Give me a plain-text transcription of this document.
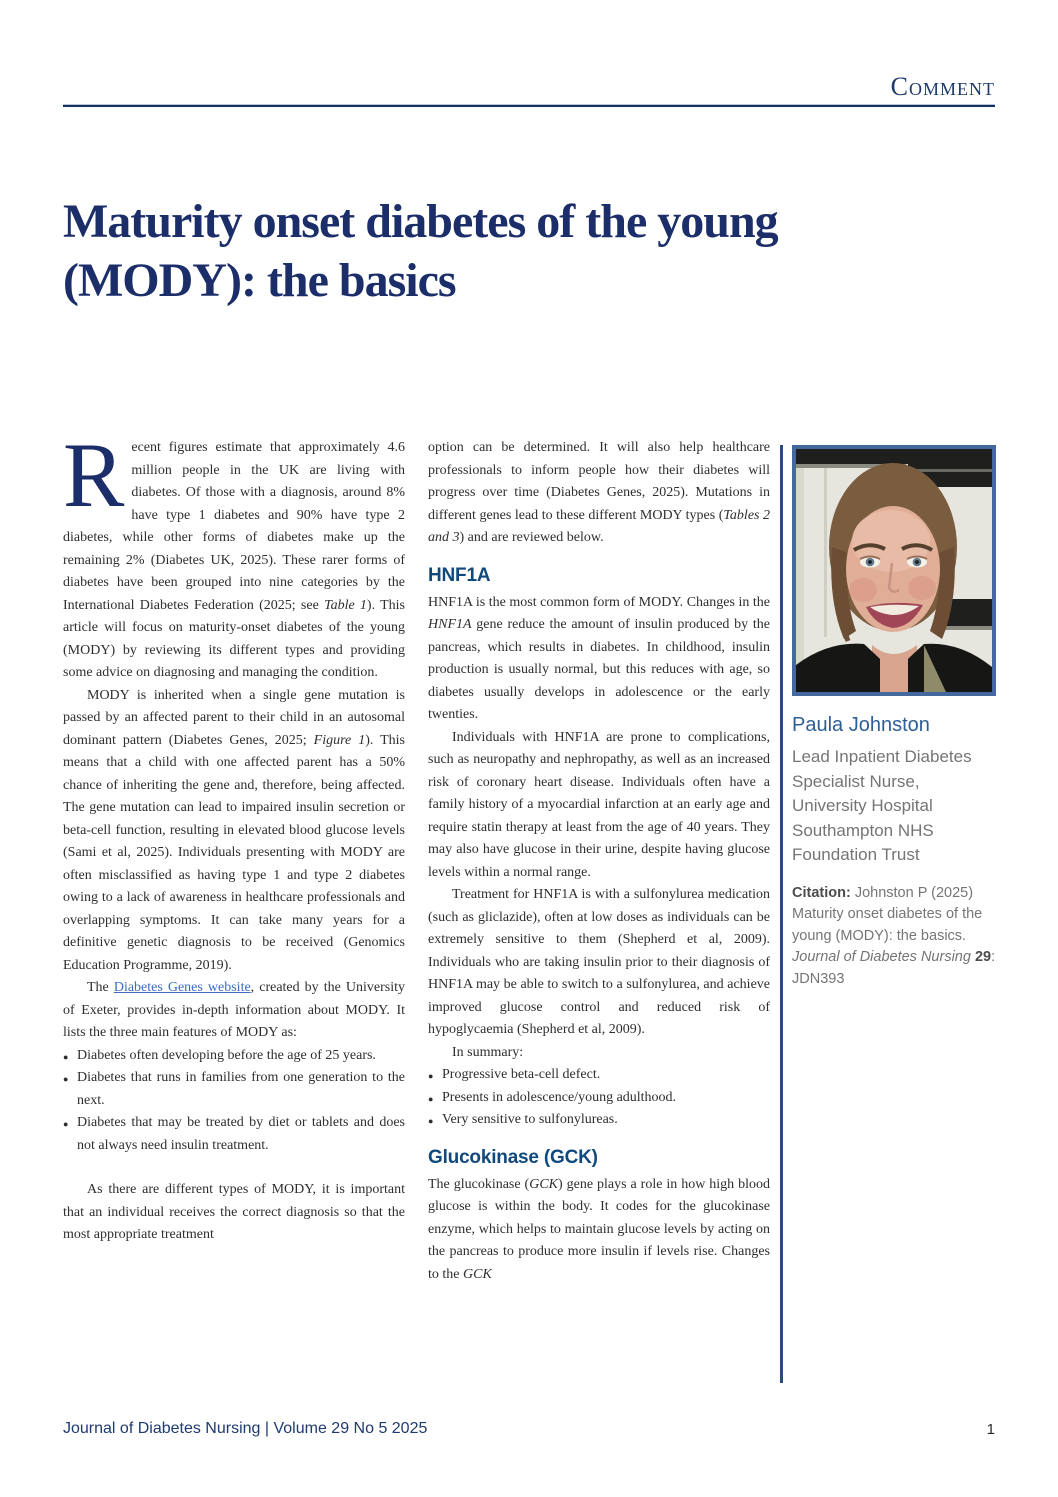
Comment
Maturity onset diabetes of the young (MODY): the basics

Recent figures estimate that approximately 4.6 million people in the UK are living with diabetes. Of those with a diagnosis, around 8% have type 1 diabetes and 90% have type 2 diabetes, while other forms of diabetes make up the remaining 2% (Diabetes UK, 2025). These rarer forms of diabetes have been grouped into nine categories by the International Diabetes Federation (2025; see Table 1). This article will focus on maturity-onset diabetes of the young (MODY) by reviewing its different types and providing some advice on diagnosing and managing the condition.

MODY is inherited when a single gene mutation is passed by an affected parent to their child in an autosomal dominant pattern (Diabetes Genes, 2025; Figure 1). This means that a child with one affected parent has a 50% chance of inheriting the gene and, therefore, being affected. The gene mutation can lead to impaired insulin secretion or beta-cell function, resulting in elevated blood glucose levels (Sami et al, 2025). Individuals presenting with MODY are often misclassified as having type 1 and type 2 diabetes owing to a lack of awareness in healthcare professionals and overlapping symptoms. It can take many years for a definitive genetic diagnosis to be received (Genomics Education Programme, 2019).

The Diabetes Genes website, created by the University of Exeter, provides in-depth information about MODY. It lists the three main features of MODY as:

● Diabetes often developing before the age of 25 years.
● Diabetes that runs in families from one generation to the next.
● Diabetes that may be treated by diet or tablets and does not always need insulin treatment.

As there are different types of MODY, it is important that an individual receives the correct diagnosis so that the most appropriate treatment

option can be determined. It will also help healthcare professionals to inform people how their diabetes will progress over time (Diabetes Genes, 2025). Mutations in different genes lead to these different MODY types (Tables 2 and 3) and are reviewed below.

HNF1A

HNF1A is the most common form of MODY. Changes in the HNF1A gene reduce the amount of insulin produced by the pancreas, which results in diabetes. In childhood, insulin production is usually normal, but this reduces with age, so diabetes usually develops in adolescence or the early twenties.

Individuals with HNF1A are prone to complications, such as neuropathy and nephropathy, as well as an increased risk of coronary heart disease. Individuals often have a family history of a myocardial infarction at an early age and require statin therapy at least from the age of 40 years. They may also have glucose in their urine, despite having glucose levels within a normal range.

Treatment for HNF1A is with a sulfonylurea medication (such as gliclazide), often at low doses as individuals can be extremely sensitive to them (Shepherd et al, 2009). Individuals who are taking insulin prior to their diagnosis of HNF1A may be able to switch to a sulfonylurea, and achieve improved glucose control and reduced risk of hypoglycaemia (Shepherd et al, 2009).

In summary:

● Progressive beta-cell defect.
● Presents in adolescence/young adulthood.
● Very sensitive to sulfonylureas.
Glucokinase (GCK)

The glucokinase (GCK) gene plays a role in how high blood glucose is within the body. It codes for the glucokinase enzyme, which helps to maintain glucose levels by acting on the pancreas to produce more insulin if levels rise. Changes to the GCK

Paula Johnston
Lead Inpatient Diabetes Specialist Nurse, University Hospital Southampton NHS Foundation Trust
Citation: Johnston P (2025) Maturity onset diabetes of the young (MODY): the basics. Journal of Diabetes Nursing 29: JDN393
Journal of Diabetes Nursing | Volume 29 No 5 2025	1
